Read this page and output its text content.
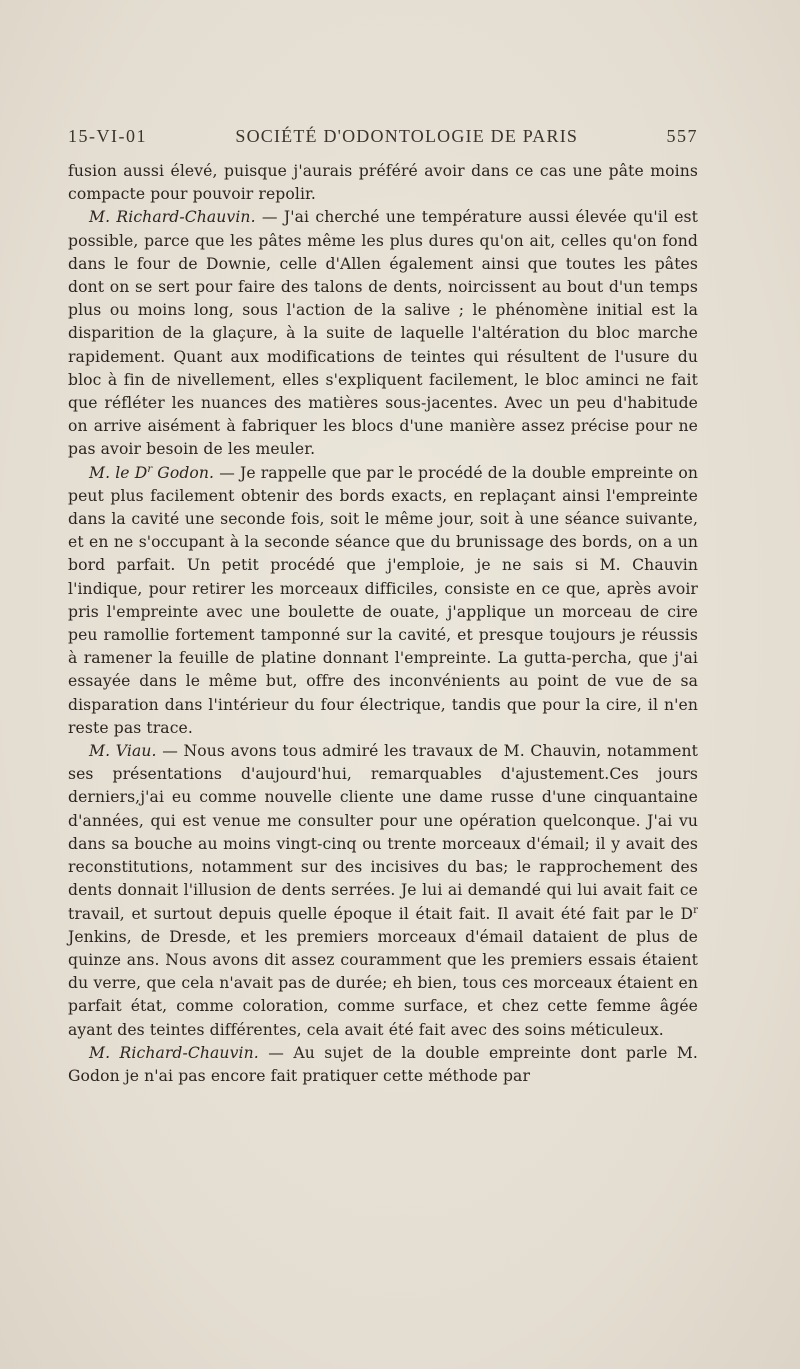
15-VI-01	SOCIÉTÉ D'ODONTOLOGIE DE PARIS	557

fusion aussi élevé, puisque j'aurais préféré avoir dans ce cas une pâte moins compacte pour pouvoir repolir.

M. Richard-Chauvin. — J'ai cherché une température aussi élevée qu'il est possible, parce que les pâtes même les plus dures qu'on ait, celles qu'on fond dans le four de Downie, celle d'Allen également ainsi que toutes les pâtes dont on se sert pour faire des talons de dents, noircissent au bout d'un temps plus ou moins long, sous l'action de la salive ; le phénomène initial est la disparition de la glaçure, à la suite de laquelle l'altération du bloc marche rapidement. Quant aux modifications de teintes qui résultent de l'usure du bloc à fin de nivellement, elles s'expliquent facilement, le bloc aminci ne fait que réfléter les nuances des matières sous-jacentes. Avec un peu d'habitude on arrive aisément à fabriquer les blocs d'une manière assez précise pour ne pas avoir besoin de les meuler.

M. le $D^r$ Godon. — Je rappelle que par le procédé de la double empreinte on peut plus facilement obtenir des bords exacts, en replaçant ainsi l'empreinte dans la cavité une seconde fois, soit le même jour, soit à une séance suivante, et en ne s'occupant à la seconde séance que du brunissage des bords, on a un bord parfait. Un petit procédé que j'emploie, je ne sais si M. Chauvin l'indique, pour retirer les morceaux difficiles, consiste en ce que, après avoir pris l'empreinte avec une boulette de ouate, j'applique un morceau de cire peu ramollie fortement tamponné sur la cavité, et presque toujours je réussis à ramener la feuille de platine donnant l'empreinte. La gutta-percha, que j'ai essayée dans le même but, offre des inconvénients au point de vue de sa disparation dans l'intérieur du four électrique, tandis que pour la cire, il n'en reste pas trace.

M. Viau. — Nous avons tous admiré les travaux de M. Chauvin, notamment ses présentations d'aujourd'hui, remarquables d'ajustement.Ces jours derniers,j'ai eu comme nouvelle cliente une dame russe d'une cinquantaine d'années, qui est venue me consulter pour une opération quelconque. J'ai vu dans sa bouche au moins vingt-cinq ou trente morceaux d'émail; il y avait des reconstitutions, notamment sur des incisives du bas; le rapprochement des dents donnait l'illusion de dents serrées. Je lui ai demandé qui lui avait fait ce travail, et surtout depuis quelle époque il était fait. Il avait été fait par le $D^r$ Jenkins, de Dresde, et les premiers morceaux d'émail dataient de plus de quinze ans. Nous avons dit assez couramment que les premiers essais étaient du verre, que cela n'avait pas de durée; eh bien, tous ces morceaux étaient en parfait état, comme coloration, comme surface, et chez cette femme âgée ayant des teintes différentes, cela avait été fait avec des soins méticuleux.

M. Richard-Chauvin. — Au sujet de la double empreinte dont parle M. Godon je n'ai pas encore fait pratiquer cette méthode par
